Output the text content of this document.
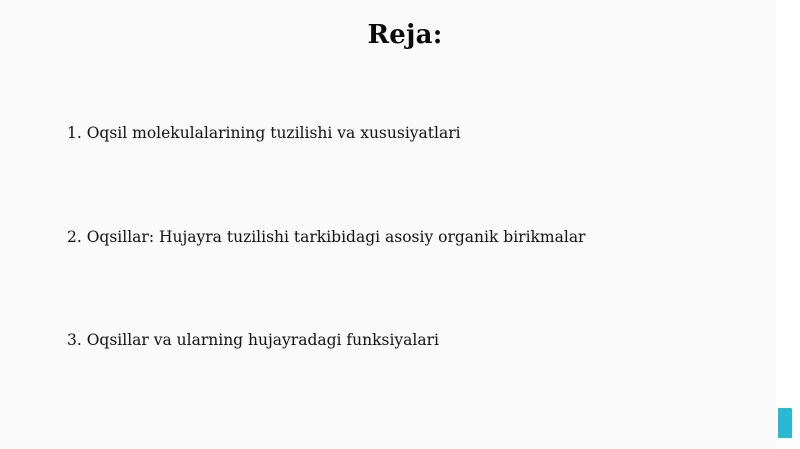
Reja:
1. Oqsil molekulalarining tuzilishi va xususiyatlari
2. Oqsillar: Hujayra tuzilishi tarkibidagi asosiy organik birikmalar
3. Oqsillar va ularning hujayradagi funksiyalari
